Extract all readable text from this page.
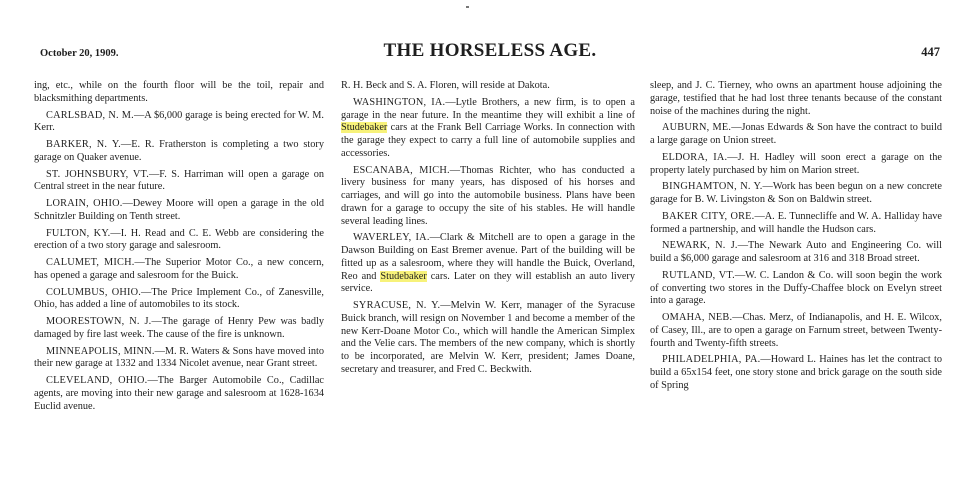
October 20, 1909.	THE HORSELESS AGE.	447

ing, etc., while on the fourth floor will be the toil, repair and blacksmithing departments.

CARLSBAD, N. M.—A $6,000 garage is being erected for W. M. Kerr.

BARKER, N. Y.—E. R. Fratherston is completing a two story garage on Quaker avenue.

ST. JOHNSBURY, VT.—F. S. Harriman will open a garage on Central street in the near future.

LORAIN, OHIO.—Dewey Moore will open a garage in the old Schnitzler Building on Tenth street.

FULTON, KY.—I. H. Read and C. E. Webb are considering the erection of a two story garage and salesroom.

CALUMET, MICH.—The Superior Motor Co., a new concern, has opened a garage and salesroom for the Buick.

COLUMBUS, OHIO.—The Price Implement Co., of Zanesville, Ohio, has added a line of automobiles to its stock.

MOORESTOWN, N. J.—The garage of Henry Pew was badly damaged by fire last week. The cause of the fire is unknown.

MINNEAPOLIS, MINN.—M. R. Waters & Sons have moved into their new garage at 1332 and 1334 Nicolet avenue, near Grant street.

CLEVELAND, OHIO.—The Barger Automobile Co., Cadillac agents, are moving into their new garage and salesroom at 1628-1634 Euclid avenue.

R. H. Beck and S. A. Floren, will reside at Dakota.

WASHINGTON, IA.—Lytle Brothers, a new firm, is to open a garage in the near future. In the meantime they will exhibit a line of Studebaker cars at the Frank Bell Carriage Works. In connection with the garage they expect to carry a full line of automobile supplies and accessories.

ESCANABA, MICH.—Thomas Richter, who has conducted a livery business for many years, has disposed of his horses and carriages, and will go into the automobile business. Plans have been drawn for a garage to occupy the site of his stables. He will handle several leading lines.

WAVERLEY, IA.—Clark & Mitchell are to open a garage in the Dawson Building on East Bremer avenue. Part of the building will be fitted up as a salesroom, where they will handle the Buick, Overland, Reo and Studebaker cars. Later on they will establish an auto livery service.

SYRACUSE, N. Y.—Melvin W. Kerr, manager of the Syracuse Buick branch, will resign on November 1 and become a member of the new Kerr-Doane Motor Co., which will handle the American Simplex and the Velie cars. The members of the new company, which is shortly to be incorporated, are Melvin W. Kerr, president; James Doane, secretary and treasurer, and Fred C. Beckwith.

sleep, and J. C. Tierney, who owns an apartment house adjoining the garage, testified that he had lost three tenants because of the constant noise of the machines during the night.

AUBURN, ME.—Jonas Edwards & Son have the contract to build a large garage on Union street.

ELDORA, IA.—J. H. Hadley will soon erect a garage on the property lately purchased by him on Marion street.

BINGHAMTON, N. Y.—Work has been begun on a new concrete garage for B. W. Livingston & Son on Baldwin street.

BAKER CITY, ORE.—A. E. Tunnecliffe and W. A. Halliday have formed a partnership, and will handle the Hudson cars.

NEWARK, N. J.—The Newark Auto and Engineering Co. will build a $6,000 garage and salesroom at 316 and 318 Broad street.

RUTLAND, VT.—W. C. Landon & Co. will soon begin the work of converting two stores in the Duffy-Chaffee block on Evelyn street into a garage.

OMAHA, NEB.—Chas. Merz, of Indianapolis, and H. E. Wilcox, of Casey, Ill., are to open a garage on Farnum street, between Twenty-fourth and Twenty-fifth streets.

PHILADELPHIA, PA.—Howard L. Haines has let the contract to build a 65x154 feet, one story stone and brick garage on the south side of Spring
